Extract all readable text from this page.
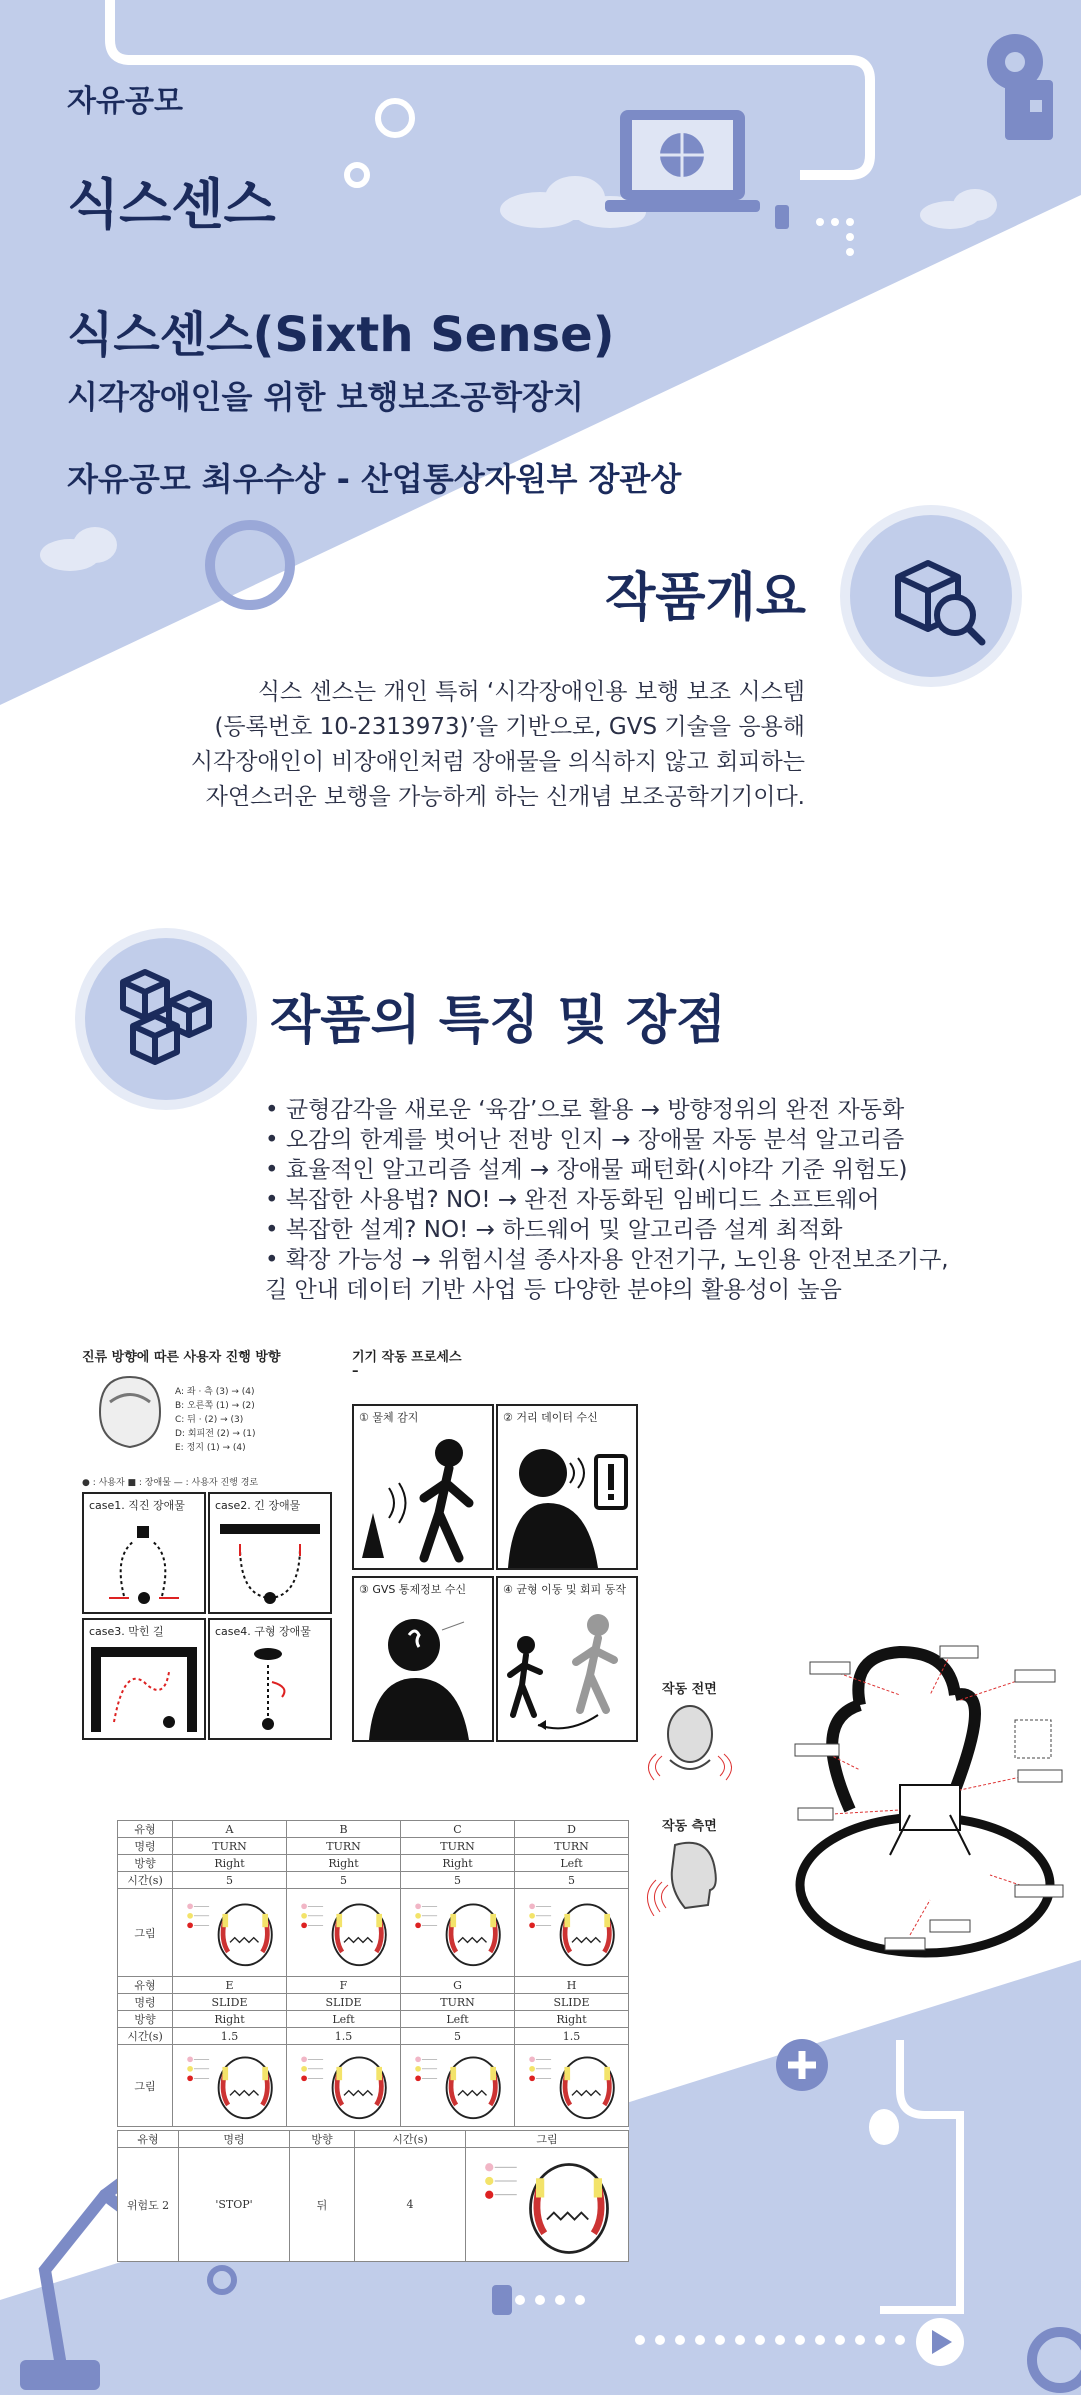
자유공모
식스센스
식스센스(Sixth Sense)
시각장애인을 위한 보행보조공학장치
자유공모 최우수상 - 산업통상자원부 장관상
작품개요
식스 센스는 개인 특허 ‘시각장애인용 보행 보조 시스템
(등록번호 10-2313973)’을 기반으로, GVS 기술을 응용해
시각장애인이 비장애인처럼 장애물을 의식하지 않고 회피하는
자연스러운 보행을 가능하게 하는 신개념 보조공학기기이다.
작품의 특징 및 장점
• 균형감각을 새로운 ‘육감’으로 활용 → 방향정위의 완전 자동화
• 오감의 한계를 벗어난 전방 인지 → 장애물 자동 분석 알고리즘
• 효율적인 알고리즘 설계 → 장애물 패턴화(시야각 기준 위험도)
• 복잡한 사용법? NO! → 완전 자동화된 임베디드 소프트웨어
• 복잡한 설계? NO! → 하드웨어 및 알고리즘 설계 최적화
• 확장 가능성 → 위험시설 종사자용 안전기구, 노인용 안전보조기구,
길 안내 데이터 기반 사업 등 다양한 분야의 활용성이 높음
진류 방향에 따른 사용자 진행 방향
A: 좌 · 측 (3) → (4)
B: 오른쪽 (1) → (2)
C: 뒤 · (2) → (3)
D: 회피전 (2) → (1)
E: 정지 (1) → (4)
● : 사용자 ■ : 장애물 — : 사용자 진행 경로
case1. 직진 장애물	case2. 긴 장애물
case3. 막힌 길	case4. 구형 장애물
기기 작동 프로세스
–
① 물체 감지	② 거리 데이터 수신
③ GVS 통제정보 수신	④ 균형 이동 및 회피 동작
작동 전면
작동 측면
유형	A	B	C	D
명령	TURN	TURN	TURN	TURN
방향	Right	Right	Right	Left
시간(s)	5	5	5	5
그림				
유형	E	F	G	H
명령	SLIDE	SLIDE	TURN	SLIDE
방향	Right	Left	Left	Right
시간(s)	1.5	1.5	5	1.5
그림				
유형	명령	방향	시간(s)	그림
위험도 2	'STOP'	뒤	4	
